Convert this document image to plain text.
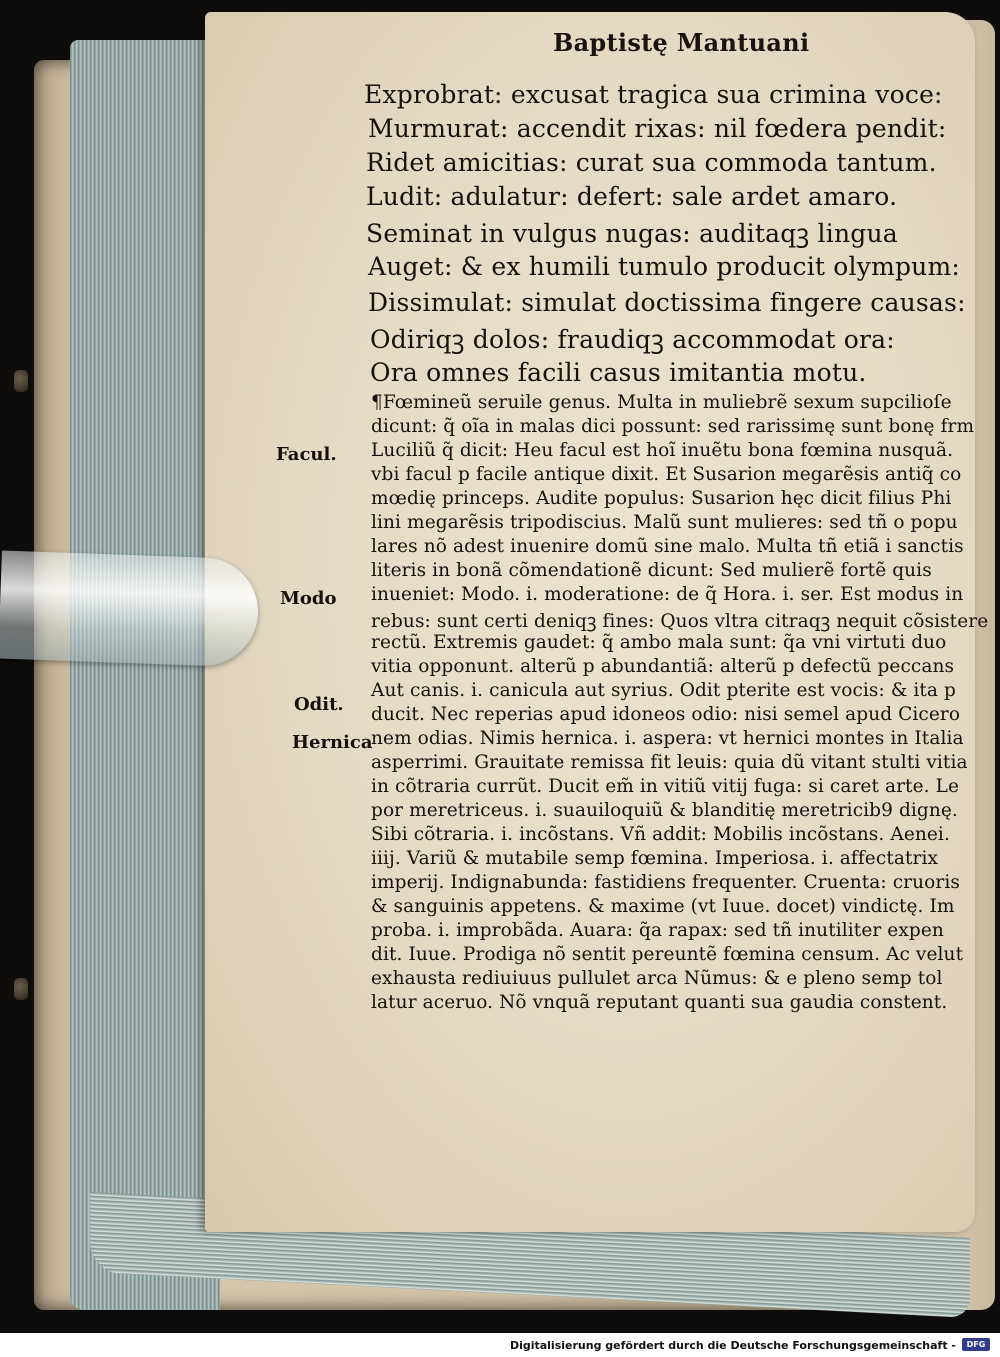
Baptistę Mantuani
Exprobrat: excusat tragica sua crimina voce:
Murmurat: accendit rixas: nil fœdera pendit:
Ridet amicitias: curat sua commoda tantum.
Ludit: adulatur: defert: sale ardet amaro.
Seminat in vulgus nugas: auditaqꝫ lingua
Auget: & ex humili tumulo producit olympum:
Dissimulat: simulat doctissima fingere causas:
Odiriqꝫ dolos: fraudiqꝫ accommodat ora:
Ora omnes facili casus imitantia motu.
¶Fœmineũ seruile genus. Multa in muliebrẽ sexum supcilioſe
dicunt: q̃ oĩa in malas dici possunt: sed rarissimę sunt bonę frm
Luciliũ q̃ dicit: Heu facul est hoĩ inuẽtu bona fœmina nusquã.
vbi facul p facile antique dixit. Et Susarion megarẽsis antiq̃ co
mœdię princeps. Audite populus: Susarion hęc dicit filius Phi
lini megarẽsis tripodiscius. Malũ sunt mulieres: sed tñ o popu
lares nõ adest inuenire domũ sine malo. Multa tñ etiã i sanctis
literis in bonã cõmendationẽ dicunt: Sed mulierẽ fortẽ quis
inueniet: Modo. i. moderatione: de q̃ Hora. i. ser. Est modus in
rebus: sunt certi deniqꝫ fines: Quos vltra citraqꝫ nequit cõsistere
rectũ. Extremis gaudet: q̃ ambo mala sunt: q̃a vni virtuti duo
vitia opponunt. alterũ p abundantiã: alterũ p defectũ peccans
Aut canis. i. canicula aut syrius. Odit pterite est vocis: & ita p
ducit. Nec reperias apud idoneos odio: nisi semel apud Cicero
nem odias. Nimis hernica. i. aspera: vt hernici montes in Italia
asperrimi. Grauitate remissa fit leuis: quia dũ vitant stulti vitia
in cõtraria currũt. Ducit em̃ in vitiũ vitij fuga: si caret arte. Le
por meretriceus. i. suauiloquiũ & blanditię meretricib9 dignę.
Sibi cõtraria. i. incõstans. Vñ addit: Mobilis incõstans. Aenei.
iiij. Variũ & mutabile semp fœmina. Imperiosa. i. affectatrix
imperij. Indignabunda: fastidiens frequenter. Cruenta: cruoris
& sanguinis appetens. & maxime (vt Iuue. docet) vindictę. Im
proba. i. improbãda. Auara: q̃a rapax: sed tñ inutiliter expen
dit. Iuue. Prodiga nõ sentit pereuntẽ fœmina censum. Ac velut
exhausta rediuiuus pullulet arca Nũmus: & e pleno semp tol
latur aceruo. Nõ vnquã reputant quanti sua gaudia constent.
Facul.
Modo
Odit.
Hernica
Digitalisierung gefördert durch die Deutsche Forschungsgemeinschaft -	DFG
